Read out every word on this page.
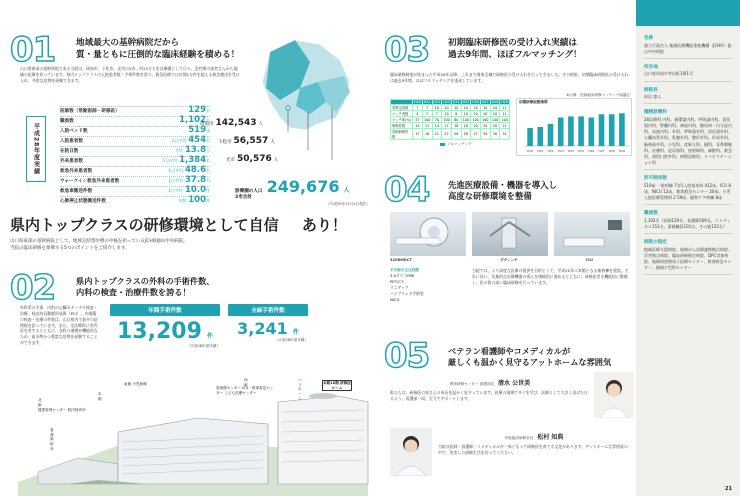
01 地域最大の基幹病院だから
質・量ともに圧倒的な臨床経験を積める！
山口県東部の基幹病院である当院は、周南市、下松市、光市の3市、約25万人を診療圏として日々、急性期の患者さんから地域の医療を担っています。県内トップクラスの入院患者数・手術件数を誇り、救急医療では年間1万件を超える救急搬送を受け入れ、多彩な症例を経験できます。
平成28年度実績
医師数（常勤医師・研修医）	129名
職員数	1,102名
入院ベッド数	519床
入院患者数	1日平均 454名
在院日数	平均 13.8日
外来患者数	1日平均 1,384名
救急外来患者数	1日平均 48.6名
ウォークイン救急外来患者数	1日平均 37.8名
救急車搬送件数	1日平均 10.0件
心肺停止状態搬送件数	年間 100件
周南市 142,543 人
下松市 56,557 人
光市 50,576 人
診療圏の人口
3市合計
249,676 人
（平成29年11月1日現在）
県内トップクラスの研修環境として自信 あり！
山口県東部の基幹病院として、地域完結型医療の中核を担っているJCHO徳山中央病院。
当院の臨床研修を象徴する5つのポイントをご紹介します。
02	県内トップクラスの外科の手術件数、
内科の検査・治療件数を誇る！
外科系の手術、内科の心臓カテーテル検査・治療、経皮的冠動脈形成術（PCI）、内視鏡の検査・治療の件数は、山口県内で最多の症例数を誇っています。また、全診療科に専門医を有するとともに、各科の連携が機能的なため、高水準かつ豊富な症例を経験することができます。
年間手術件数
13,209 件
（平成28年度実績）
全麻手術件数
3,241 件
（平成28年度実績）
本館10階 研修医ルーム
西館
周術期センター ICU・救命救急センター こども医療センター
ヘリポート
北館
健康管理センター 院内保育所
看護師宿舎
東館 小児病棟
本館
03 初期臨床研修医の受け入れ実績は
過去9年間、ほぼフルマッチング！
臨床研修制度が始まった平成16年以降、これまで周南全域で研修医の受け入れを行ってきました。その結果、初期臨床研修医の受け入れは過去9年間、ほぼフルマッチングを達成しています。
※出典：医師臨床研修マッチング協議会
	H20	H21	H22	H23	H24	H25	H26	H27	H28	H29
募集定員数	7	7	10	10	10	10	10	10	10	11
マッチ者数	4	7	7	10	8	10	10	10	10	11
マッチ率(%)	57	100	70	100	80	100	100	100	100	100
研修医数	14	11	14	17	18	18	20	20	20	21
初期研修医数	17	18	21	27	28	28	27	30	30	31
フルマッチング
初期研修医数推移
H20 H21 H22 H23 H24 H25 H26 H27 H28 H29
04 先進医療設備・機器を導入し
高度な研修環境を整備
320RMDCT	ダヴィンチ	ICU
その他の主な設備
3.0テスラMRI
PET/CT
リニアック
ハイブリッド手術室
NICU
当院では、より高度な医療の提供を目的として、平成22年に本館となる新病棟を建設。それに伴い、先進的な医療機器の導入を積極的に進めるとともに、研修医室も機能的に整備し、医の質の高い臨床研修を行っています。
05 ベテラン看護師やコメディカルが
厳しくも温かく見守るアットホームな雰囲気
教育研修センター 看護部長 清水 公世美
私たちは、研修医の皆さんの成長を温かく見守っています。医療の現場で多くを学び、医師として大きく羽ばたけるよう、看護部一同、全力でサポートします。
卒後臨床研修室長 松村 知典
当院は医師・看護師・コメディカルが一体となって研修医を育てる文化があります。アットホームな雰囲気の中で、充実した研修生活を送ってください。
名称
独立行政法人 地域医療機能推進機構（JCHO）徳山中央病院
所在地
山口県周南市孝田町1番1号
病院長
前田 憲人
標榜診療科
28診療科 内科、循環器内科、呼吸器内科、消化器内科、腎臓内科、神経内科、糖尿病・内分泌内科、血液内科、外科、呼吸器外科、消化器外科、心臓血管外科、乳腺外科、整形外科、形成外科、脳神経外科、小児科、産婦人科、眼科、耳鼻咽喉科、皮膚科、泌尿器科、放射線科、麻酔科、救急科、歯科口腔外科、病理診断科、リハビリテーション科
許可病床数
519床 一般病棟 7対1入院基本料 412床、ICU 8床、NICU 12床、救命救急センター 20床、小児入院医療管理料 2 59床、緩和ケア病棟 8床
職員数
1,102名（医師129名、看護師569名、コメディカル151名、事務職員101名、その他152名）
病院の指定
地域医療支援病院、地域がん診療連携拠点病院、災害拠点病院、臨床研修指定病院、DPC対象病院、地域周産期母子医療センター、救命救急センター、地域小児科センター
21
